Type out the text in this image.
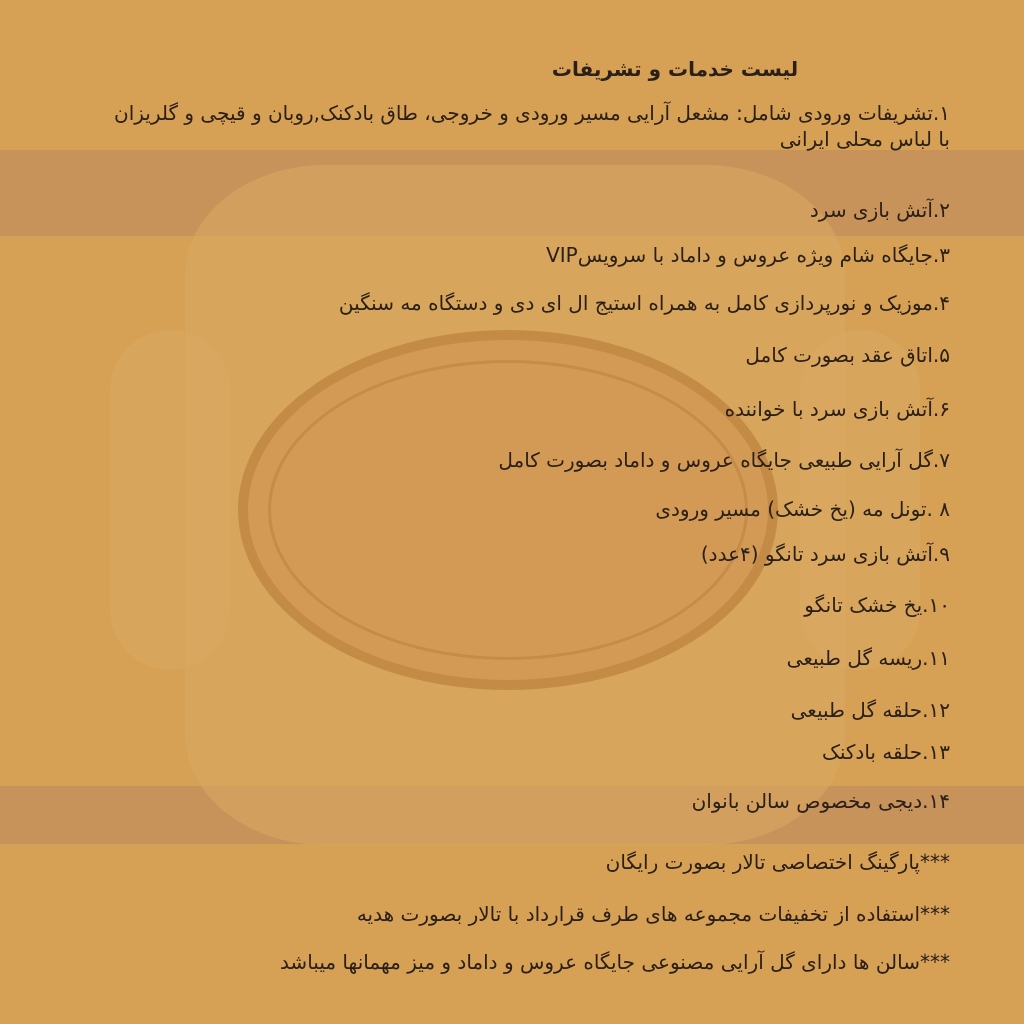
لیست خدمات و تشریفات
۱.تشریفات ورودی شامل: مشعل آرایی مسیر ورودی و خروجی، طاق بادکنک,روبان و قیچی و گلریزان با لباس محلی ایرانی
۲.آتش بازی سرد
۳.جایگاه شام ویژه عروس و داماد با سرویسVIP
۴.موزیک و نورپردازی کامل به همراه استیج ال ای دی و دستگاه مه سنگین
۵.اتاق عقد بصورت کامل
۶.آتش بازی سرد با خواننده
۷.گل آرایی طبیعی جایگاه عروس و داماد بصورت کامل
۸ .تونل مه (یخ خشک) مسیر ورودی
۹.آتش بازی سرد تانگو (۴عدد)
۱۰.یخ خشک تانگو
۱۱.ریسه گل طبیعی
۱۲.حلقه گل طبیعی
۱۳.حلقه بادکنک
۱۴.دیجی مخصوص سالن بانوان
***پارگینگ اختصاصی تالار بصورت رایگان
***استفاده از تخفیفات مجموعه های طرف قرارداد با تالار بصورت هدیه
***سالن ها دارای گل آرایی مصنوعی جایگاه عروس و داماد و میز مهمانها میباشد
